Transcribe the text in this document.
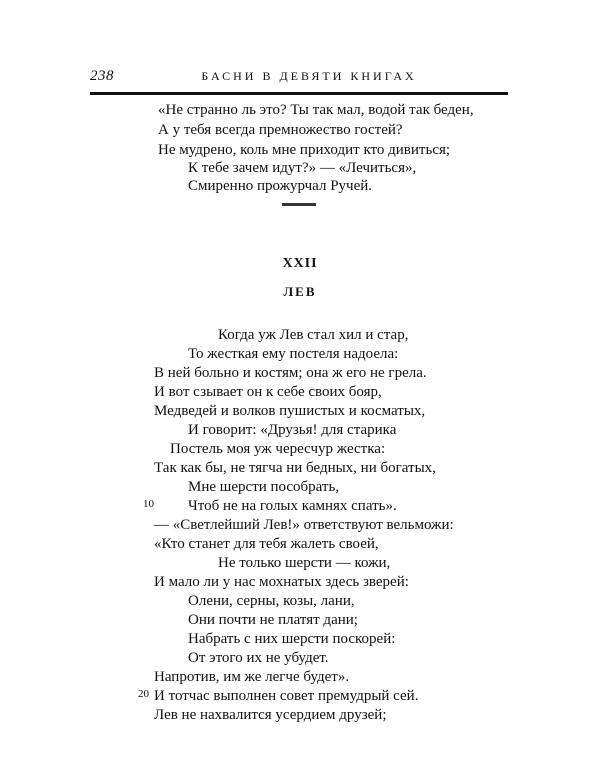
238	БАСНИ В ДЕВЯТИ КНИГАХ
«Не странно ль это? Ты так мал, водой так беден,
А у тебя всегда премножество гостей?
Не мудрено, коль мне приходит кто дивиться;
К тебе зачем идут?» — «Лечиться»,
Смиренно прожурчал Ручей.
XXII
ЛЕВ
Когда уж Лев стал хил и стар,
То жесткая ему постеля надоела:
В ней больно и костям; она ж его не грела.
И вот сзывает он к себе своих бояр,
Медведей и волков пушистых и косматых,
И говорит: «Друзья! для старика
Постель моя уж чересчур жестка:
Так как бы, не тягча ни бедных, ни богатых,
Мне шерсти пособрать,
10 Чтоб не на голых камнях спать».
— «Светлейший Лев!» ответствуют вельможи:
«Кто станет для тебя жалеть своей,
Не только шерсти — кожи,
И мало ли у нас мохнатых здесь зверей:
Олени, серны, козы, лани,
Они почти не платят дани;
Набрать с них шерсти поскорей:
От этого их не убудет.
Напротив, им же легче будет».
20 И тотчас выполнен совет премудрый сей.
Лев не нахвалится усердием друзей;
